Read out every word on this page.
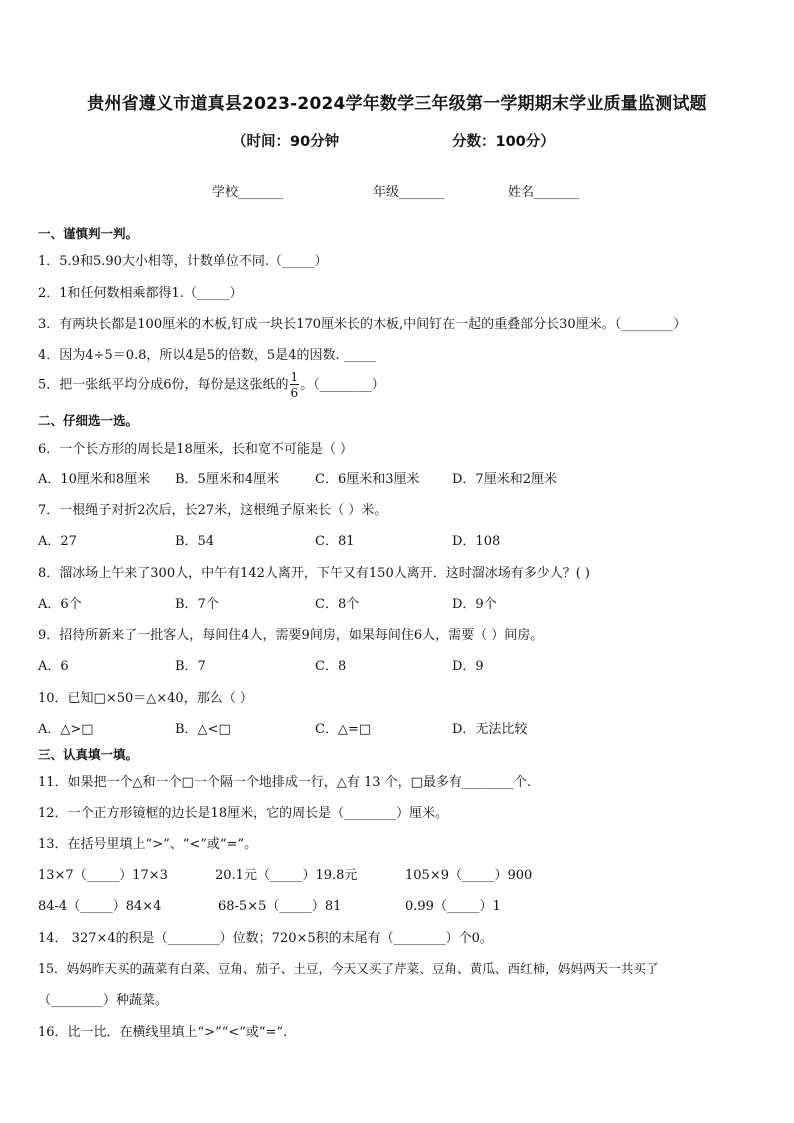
贵州省遵义市道真县2023-2024学年数学三年级第一学期期末学业质量监测试题
（时间：90分钟	分数：100分）
学校_______	年级_______	姓名_______
一、谨慎判一判。
1．5.9和5.90大小相等，计数单位不同.（_____）
2．1和任何数相乘都得1.（_____）
3．有两块长都是100厘米的木板,钉成一块长170厘米长的木板,中间钉在一起的重叠部分长30厘米。（________）
4．因为4÷5＝0.8，所以4是5的倍数，5是4的因数. _____
5．把一张纸平均分成6份，每份是这张纸的 $\frac{1}{6}$ 。（________）
二、仔细选一选。
6．一个长方形的周长是18厘米，长和宽不可能是（ ）
A．10厘米和8厘米 B．5厘米和4厘米	C．6厘米和3厘米	D．7厘米和2厘米
7．一根绳子对折2次后，长27米，这根绳子原来长（ ）米。
A．27	B．54	C．81	D．108
8．溜冰场上午来了300人，中午有142人离开，下午又有150人离开．这时溜冰场有多少人？( )
A．6个	B．7个	C．8个	D．9个
9．招待所新来了一批客人，每间住4人，需要9间房，如果每间住6人，需要（ ）间房。
A．6	B．7	C．8	D．9
10．已知□×50＝△×40，那么（ ）
A．△>□	B．△<□	C．△=□	D．无法比较
三、认真填一填。
11．如果把一个△和一个□一个隔一个地排成一行，△有 13 个，□最多有________个.
12．一个正方形镜框的边长是18厘米，它的周长是（________）厘米。
13．在括号里填上“>”、“<”或“=”。
13×7（_____）17×3	20.1元（_____）19.8元	105×9（_____）900
84-4（_____）84×4	68-5×5（_____）81	0.99（_____）1
14． 327×4的积是（________）位数；720×5积的末尾有（________）个0。
15．妈妈昨天买的蔬菜有白菜、豆角、茄子、土豆，今天又买了芹菜、豆角、黄瓜、西红柿，妈妈两天一共买了
（________）种蔬菜。
16．比一比．在横线里填上“>”“<”或“=”.
